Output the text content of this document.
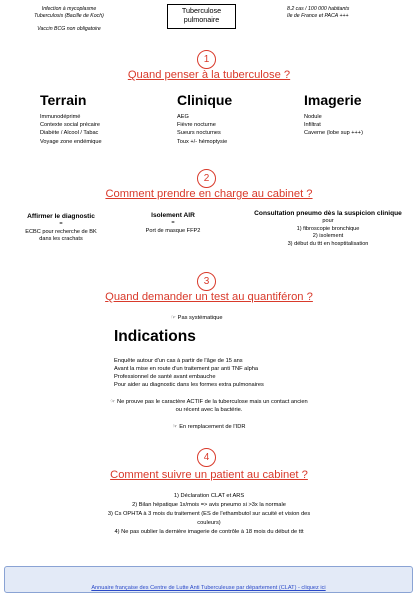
Infection à mycoplasme
Tuberculosis (Bacille de Koch)
Vaccin BCG non obligatoire
Tuberculose
pulmonaire
8.2 cas / 100 000 habitants
Ile de France et PACA +++
1
Quand penser à la tuberculose ?
Terrain
Immunodéprimé
Contexte social précaire
Diabète / Alcool / Tabac
Voyage zone endémique
Clinique
AEG
Fièvre nocturne
Sueurs nocturnes
Toux +/- hémoptysie
Imagerie
Nodule
Infiltrat
Caverne (lobe sup +++)
2
Comment prendre en charge au cabinet ?
Affirmer le diagnostic
=
ECBC pour recherche de BK
dans les crachats
Isolement AIR
=
Port de masque FFP2
Consultation pneumo dès la suspicion clinique
pour
1) fibroscopie bronchique
2) isolement
3) début du ttt en hosptitalisation
3
Quand demander un test au quantiféron ?
☞ Pas systématique
Indications
Enquête autour d'un cas à partir de l'âge de 15 ans
Avant la mise en route d'un traitement par anti TNF alpha
Professionnel de santé avant embauche
Pour aider au diagnostic dans les formes extra pulmonaires
☞ Ne prouve pas le caractère ACTIF de la tuberculose mais un contact ancien
ou récent avec la bactérie.
☞ En remplacement de l'IDR
4
Comment suivre un patient au cabinet ?
1) Déclaration CLAT et ARS
2) Bilan hépatique 1x/mois => avis pneumo si >3x la normale
3) Cs OPHTA à 3 mois du traitement (ES de l'ethambutol sur acuité et vision des
couleurs)
4) Ne pas oublier la dernière imagerie de contrôle à 18 mois du début de ttt
Annuaire française des Centre de Lutte Anti Tuberculeuse par département (CLAT) - cliquez ici
